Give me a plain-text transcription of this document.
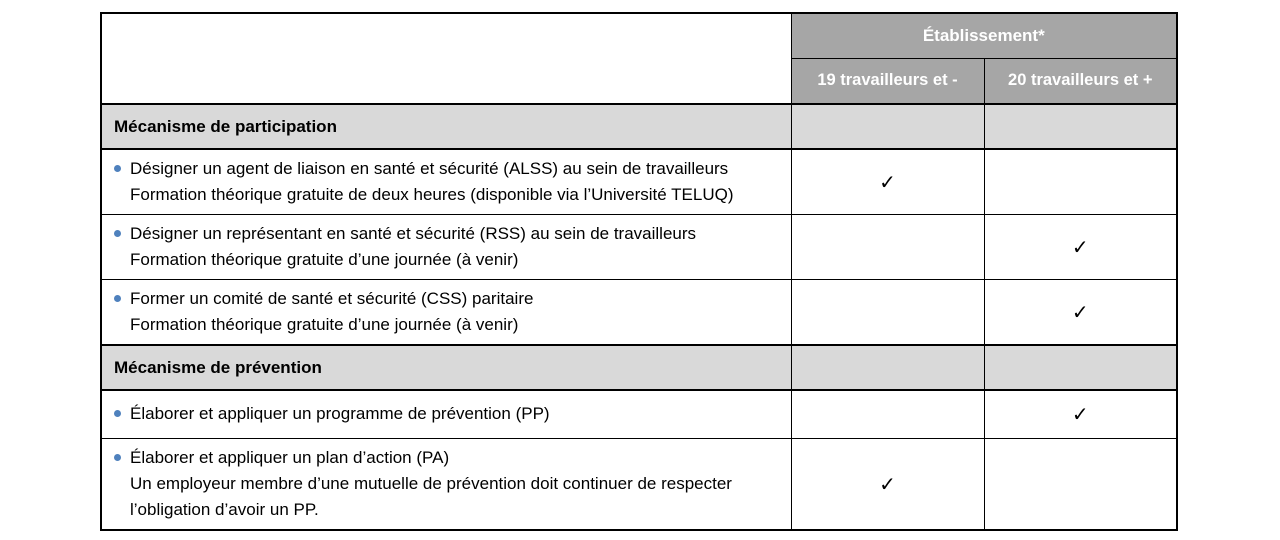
	Établissement*	
	19 travailleurs et -	20 travailleurs et +
Mécanisme de participation		

Désigner un agent de liaison en santé et sécurité (ALSS) au sein de travailleurs
Formation théorique gratuite de deux heures (disponible via l’Université TELUQ)	✓	

Désigner un représentant en santé et sécurité (RSS) au sein de travailleurs
Formation théorique gratuite d’une journée (à venir)		✓

Former un comité de santé et sécurité (CSS) paritaire
Formation théorique gratuite d’une journée (à venir)		✓
Mécanisme de prévention		

Élaborer et appliquer un programme de prévention (PP)		✓

Élaborer et appliquer un plan d’action (PA)
Un employeur membre d’une mutuelle de prévention doit continuer de respecter
l’obligation d’avoir un PP.	✓	
